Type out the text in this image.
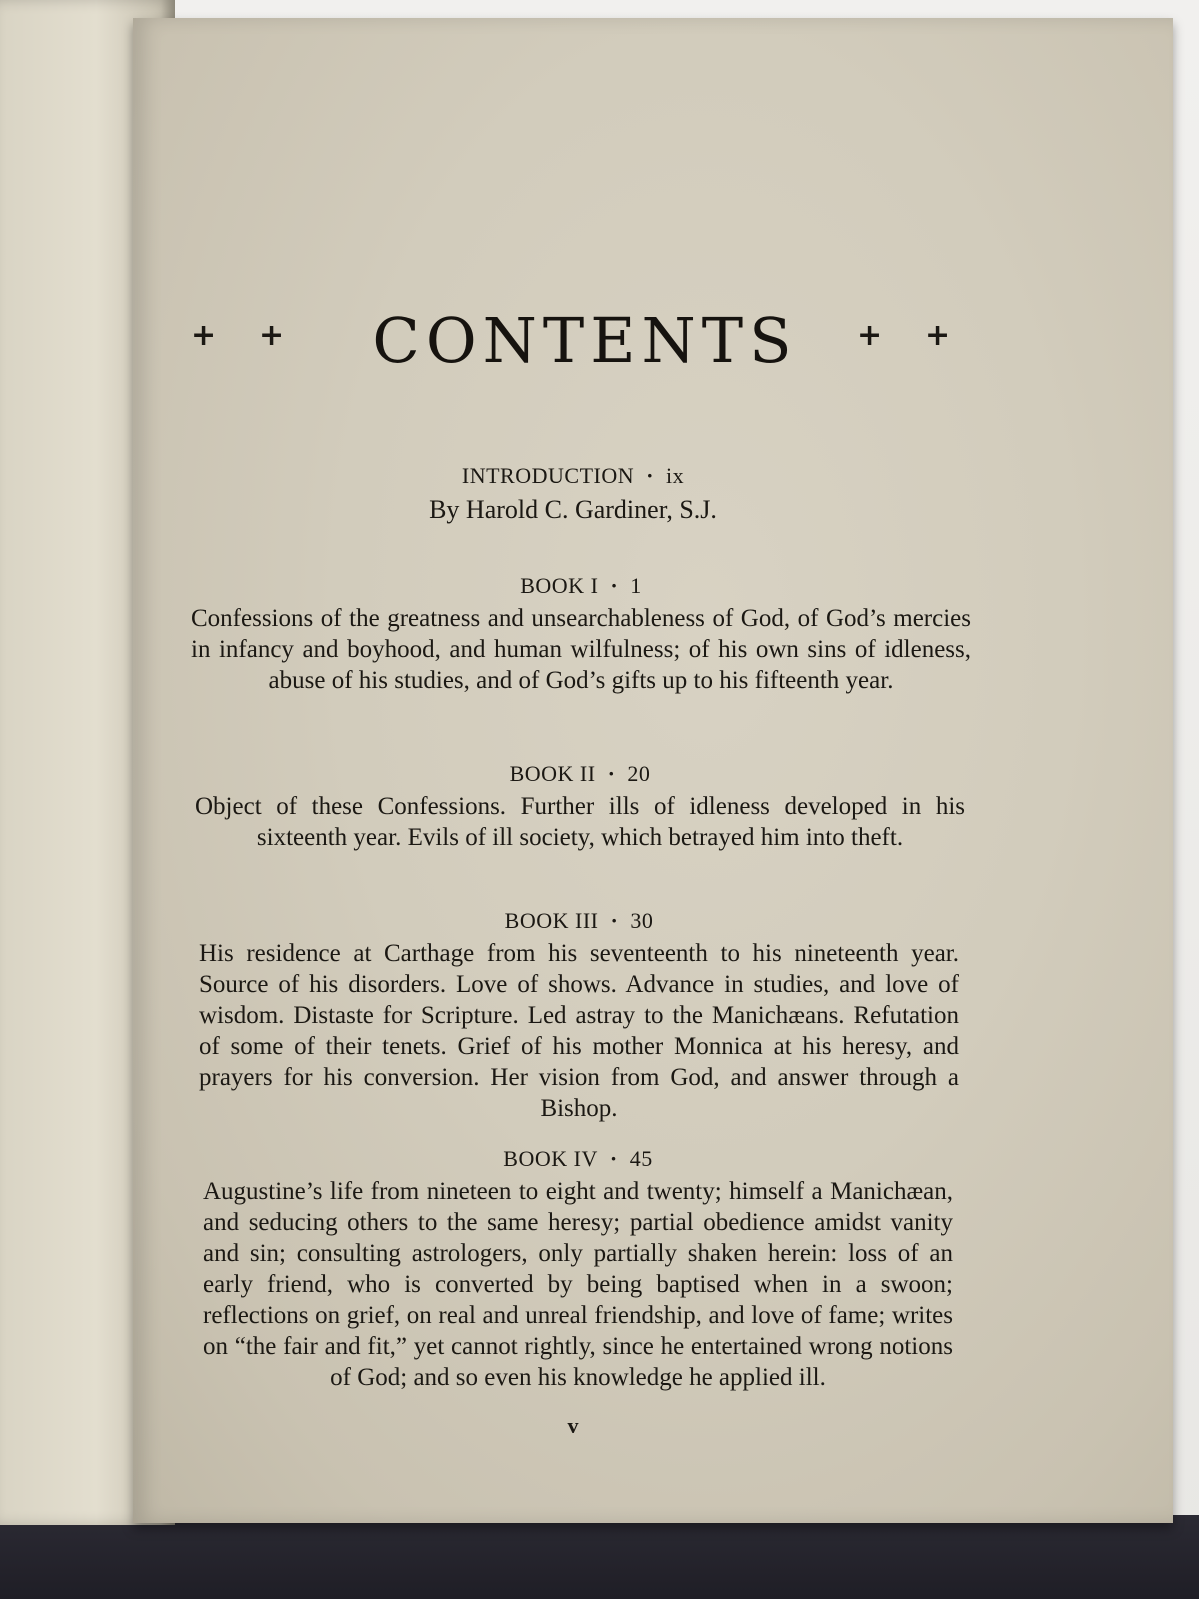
+ +	CONTENTS	+ +
INTRODUCTION · ix
By Harold C. Gardiner, S.J.
BOOK I · 1
Confessions of the greatness and unsearchableness of God, of God’s mercies in infancy and boyhood, and human wilfulness; of his own sins of idleness, abuse of his studies, and of God’s gifts up to his fifteenth year.
BOOK II · 20
Object of these Confessions. Further ills of idleness developed in his sixteenth year. Evils of ill society, which betrayed him into theft.
BOOK III · 30
His residence at Carthage from his seventeenth to his nineteenth year. Source of his disorders. Love of shows. Advance in studies, and love of wisdom. Distaste for Scripture. Led astray to the Manichæans. Refutation of some of their tenets. Grief of his mother Monnica at his heresy, and prayers for his conversion. Her vision from God, and answer through a Bishop.
BOOK IV · 45
Augustine’s life from nineteen to eight and twenty; himself a Manichæan, and seducing others to the same heresy; partial obedience amidst vanity and sin; consulting astrologers, only partially shaken herein: loss of an early friend, who is converted by being baptised when in a swoon; reflections on grief, on real and unreal friendship, and love of fame; writes on “the fair and fit,” yet cannot rightly, since he entertained wrong notions of God; and so even his knowledge he applied ill.
v
